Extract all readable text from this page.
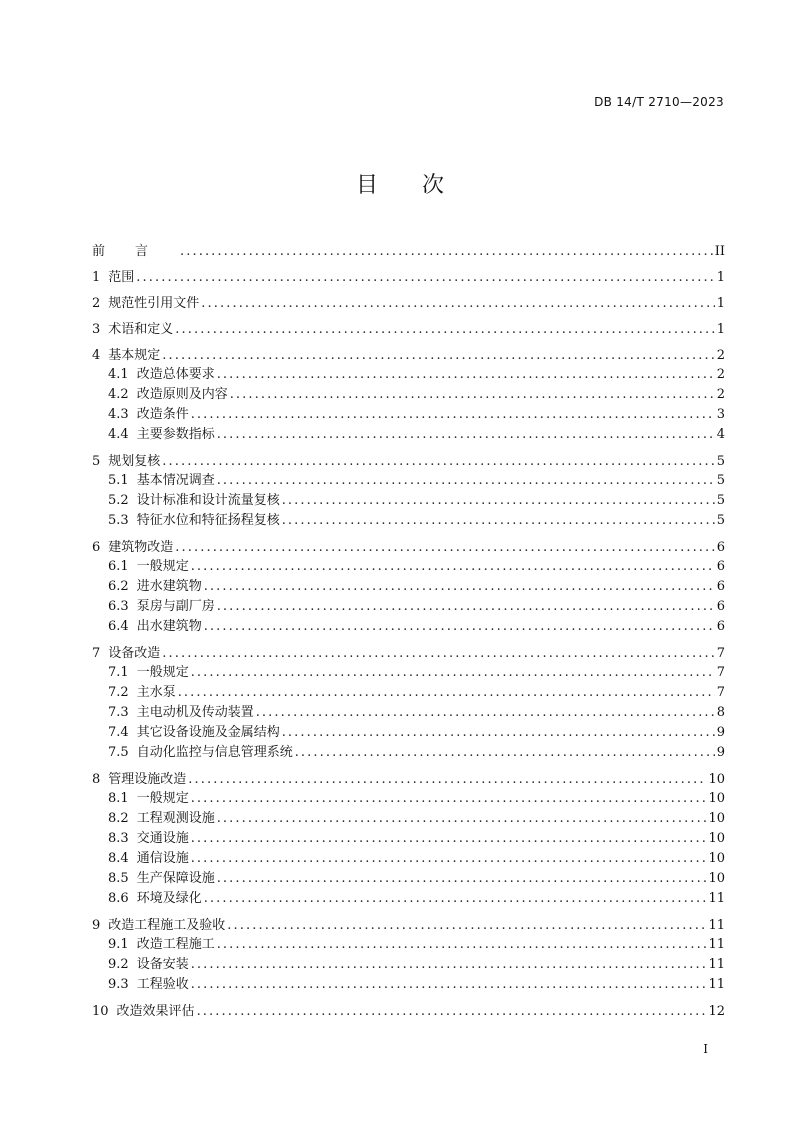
DB 14/T 2710—2023
目次
前言 .....	II
1 范围 .....	1
2 规范性引用文件 .....	1
3 术语和定义 .....	1
4 基本规定 .....	2
4.1 改造总体要求 .....	2
4.2 改造原则及内容 .....	2
4.3 改造条件 .....	3
4.4 主要参数指标 .....	4
5 规划复核 .....	5
5.1 基本情况调查 .....	5
5.2 设计标准和设计流量复核 .....	5
5.3 特征水位和特征扬程复核 .....	5
6 建筑物改造 .....	6
6.1 一般规定 .....	6
6.2 进水建筑物 .....	6
6.3 泵房与副厂房 .....	6
6.4 出水建筑物 .....	6
7 设备改造 .....	7
7.1 一般规定 .....	7
7.2 主水泵 .....	7
7.3 主电动机及传动装置 .....	8
7.4 其它设备设施及金属结构 .....	9
7.5 自动化监控与信息管理系统 .....	9
8 管理设施改造 .....	10
8.1 一般规定 .....	10
8.2 工程观测设施 .....	10
8.3 交通设施 .....	10
8.4 通信设施 .....	10
8.5 生产保障设施 .....	10
8.6 环境及绿化 .....	11
9 改造工程施工及验收 .....	11
9.1 改造工程施工 .....	11
9.2 设备安装 .....	11
9.3 工程验收 .....	11
10 改造效果评估 .....	12
I
